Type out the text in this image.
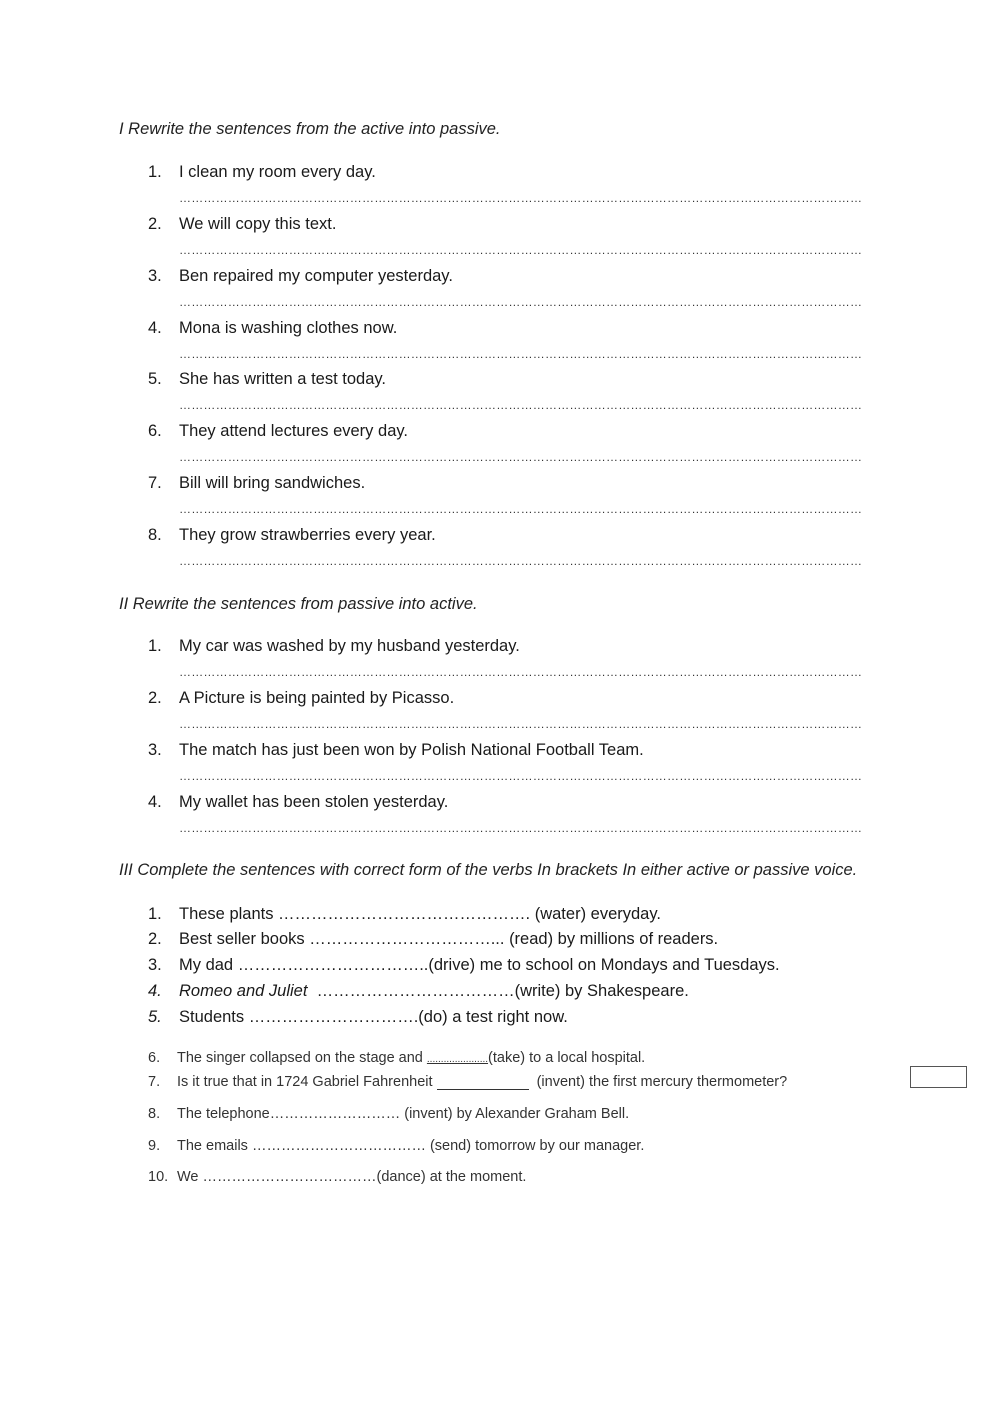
I Rewrite the sentences from the active into passive.
1. I clean my room every day.
……………………………………………………………………………………………………………………………………………………
2. We will copy this text.
……………………………………………………………………………………………………………………………………………………
3. Ben repaired my computer yesterday.
……………………………………………………………………………………………………………………………………………………
4. Mona is washing clothes now.
……………………………………………………………………………………………………………………………………………………
5. She has written a test today.
……………………………………………………………………………………………………………………………………………………
6. They attend lectures every day.
……………………………………………………………………………………………………………………………………………………
7. Bill will bring sandwiches.
……………………………………………………………………………………………………………………………………………………
8. They grow strawberries every year.
……………………………………………………………………………………………………………………………………………………
II Rewrite the sentences from passive into active.
1. My car was washed by my husband yesterday.
……………………………………………………………………………………………………………………………………………………
2. A Picture is being painted by Picasso.
……………………………………………………………………………………………………………………………………………………
3. The match has just been won by Polish National Football Team.
……………………………………………………………………………………………………………………………………………………
4. My wallet has been stolen yesterday.
……………………………………………………………………………………………………………………………………………………
III Complete the sentences with correct form of the verbs In brackets In either active or passive voice.
1. These plants ………………………………………. (water) everyday.
2. Best seller books ……………………………... (read) by millions of readers.
3. My dad ……………………………..(drive) me to school on Mondays and Tuesdays.
4. Romeo and Juliet  ………………………………(write) by Shakespeare.
5. Students ………………………….(do) a test right now.
6. The singer collapsed on the stage and ......................(take) to a local hospital.
7. Is it true that in 1724 Gabriel Fahrenheit	(invent) the first mercury thermometer?
8. The telephone……………………… (invent) by Alexander Graham Bell.
9. The emails ……………………………… (send) tomorrow by our manager.
10. We ………………………………(dance) at the moment.
